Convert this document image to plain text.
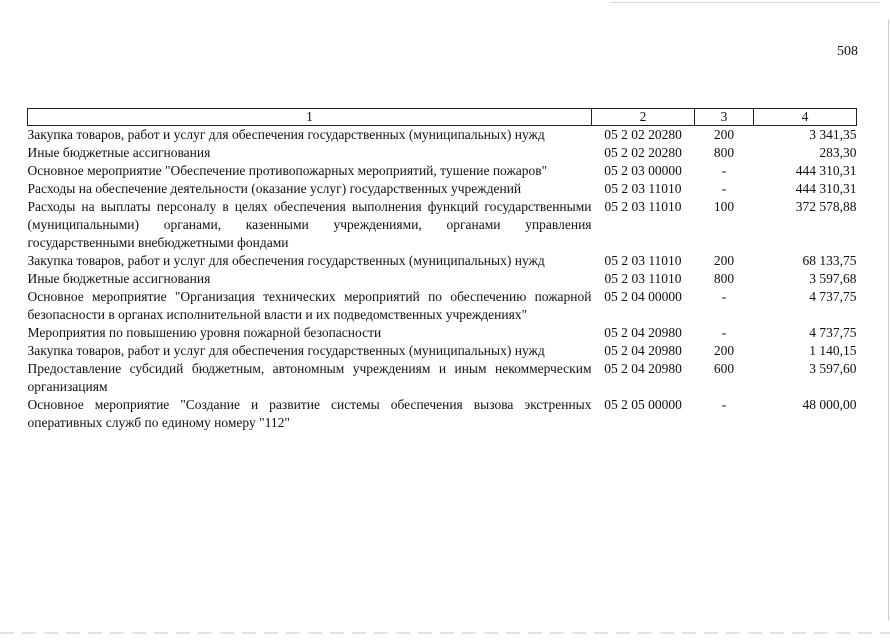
508
1	2	3	4
Закупка товаров, работ и услуг для обеспечения государственных (муниципальных) нужд	05 2 02 20280	200	3 341,35
Иные бюджетные ассигнования	05 2 02 20280	800	283,30
Основное мероприятие "Обеспечение противопожарных мероприятий, тушение пожаров"	05 2 03 00000	-	444 310,31
Расходы на обеспечение деятельности (оказание услуг) государственных учреждений	05 2 03 11010	-	444 310,31
Расходы на выплаты персоналу в целях обеспечения выполнения функций государственными (муниципальными) органами, казенными учреждениями, органами управления государственными внебюджетными фондами	05 2 03 11010	100	372 578,88
Закупка товаров, работ и услуг для обеспечения государственных (муниципальных) нужд	05 2 03 11010	200	68 133,75
Иные бюджетные ассигнования	05 2 03 11010	800	3 597,68
Основное мероприятие "Организация технических мероприятий по обеспечению пожарной безопасности в органах исполнительной власти и их подведомственных учреждениях"	05 2 04 00000	-	4 737,75
Мероприятия по повышению уровня пожарной безопасности	05 2 04 20980	-	4 737,75
Закупка товаров, работ и услуг для обеспечения государственных (муниципальных) нужд	05 2 04 20980	200	1 140,15
Предоставление субсидий бюджетным, автономным учреждениям и иным некоммерческим организациям	05 2 04 20980	600	3 597,60
Основное мероприятие "Создание и развитие системы обеспечения вызова экстренных оперативных служб по единому номеру "112"	05 2 05 00000	-	48 000,00
